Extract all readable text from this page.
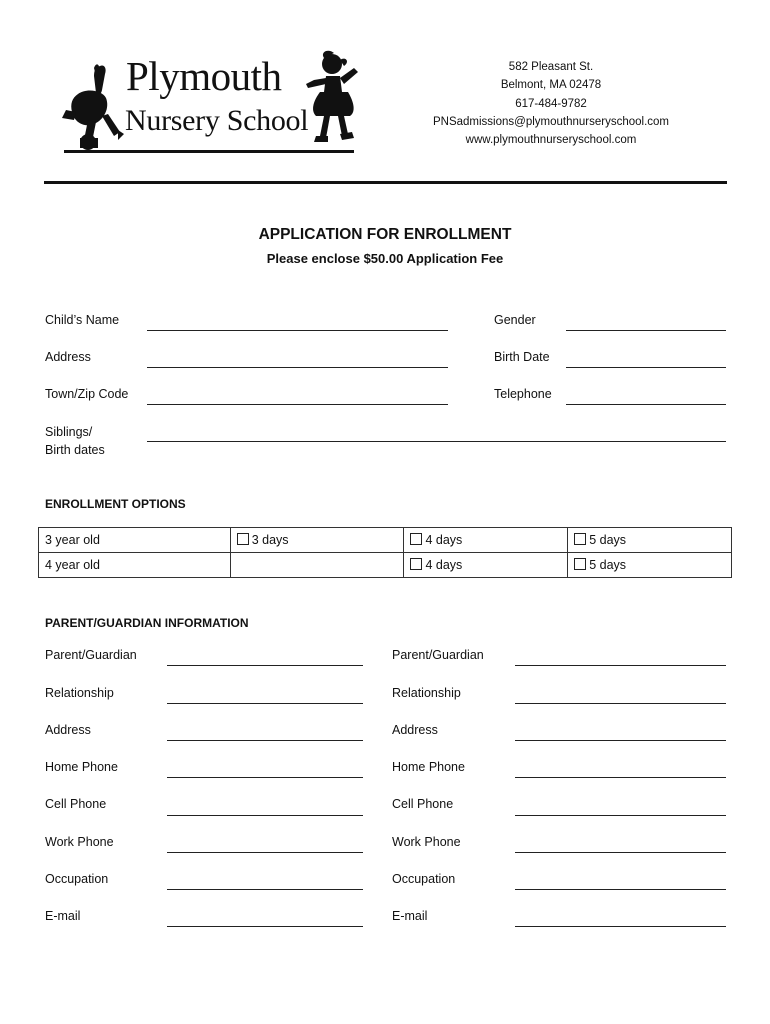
Plymouth
Nursery School
582 Pleasant St.
Belmont, MA 02478
617-484-9782
PNSadmissions@plymouthnurseryschool.com
www.plymouthnurseryschool.com
APPLICATION FOR ENROLLMENT
Please enclose $50.00 Application Fee
Child’s Name	Gender
Address	Birth Date
Town/Zip Code	Telephone
Siblings/
Birth dates
ENROLLMENT OPTIONS
3 year old	3 days	4 days	5 days
4 year old		4 days	5 days
PARENT/GUARDIAN INFORMATION
Parent/Guardian	Parent/Guardian
Relationship	Relationship
Address	Address
Home Phone	Home Phone
Cell Phone	Cell Phone
Work Phone	Work Phone
Occupation	Occupation
E-mail	E-mail
